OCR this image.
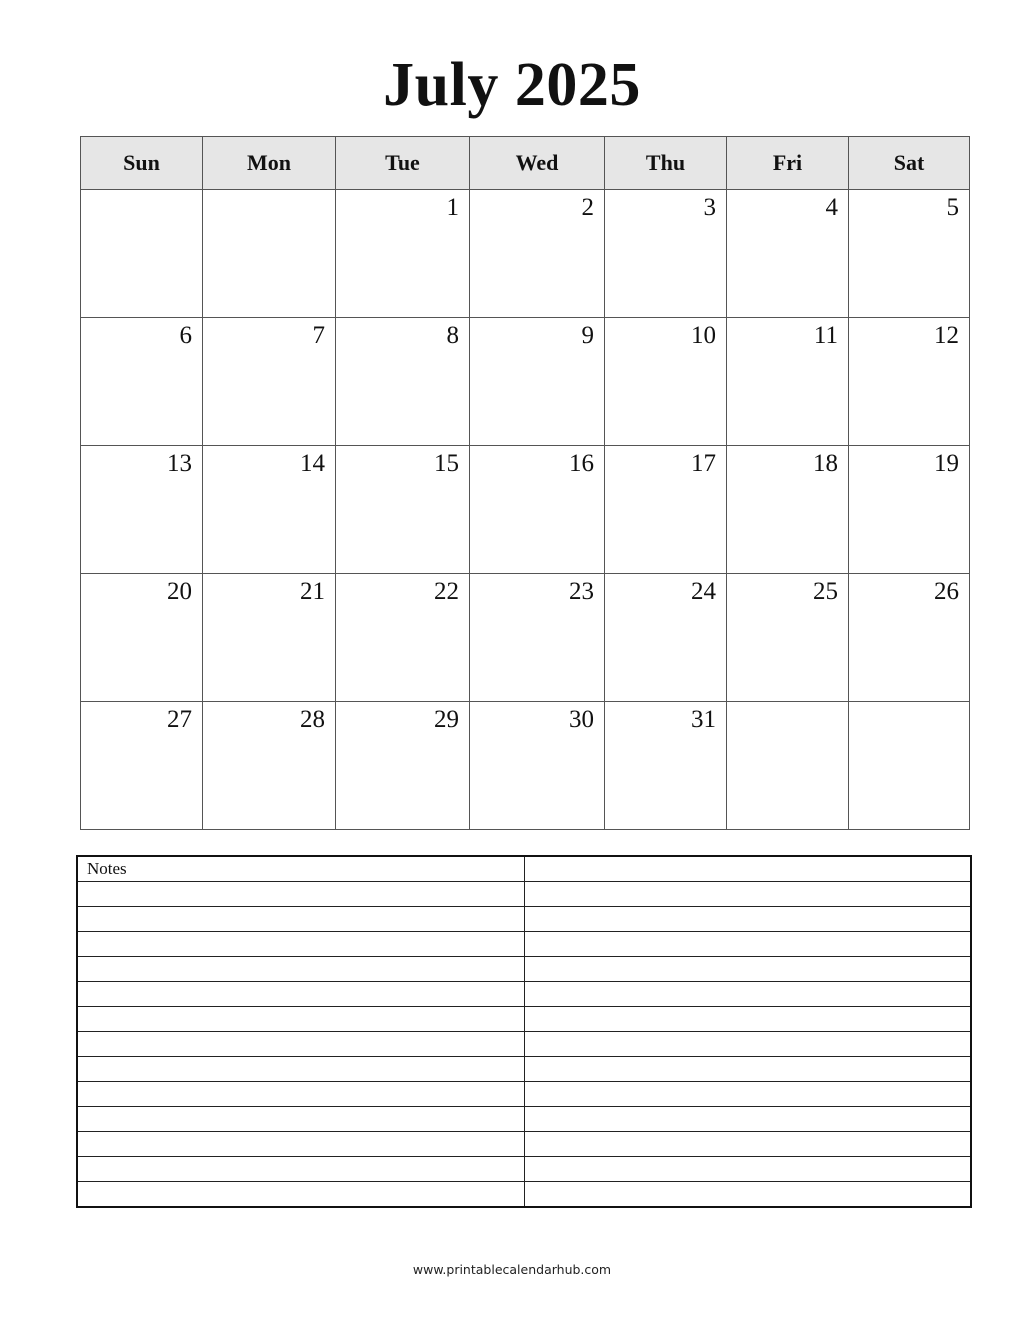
July 2025
Sun	Mon	Tue	Wed	Thu	Fri	Sat

		1	2	3	4	5

6	7	8	9	10	11	12

13	14	15	16	17	18	19

20	21	22	23	24	25	26

27	28	29	30	31		

Notes	

www.printablecalendarhub.com
